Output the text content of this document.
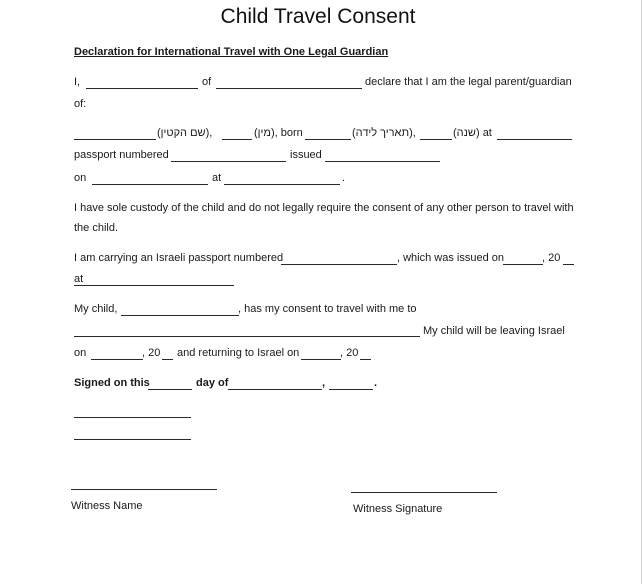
Child Travel Consent
Declaration for International Travel with One Legal Guardian
I,	of	declare that I am the legal parent/guardian
of:
(שם הקטין),	(מין), born	(תאריך לידה),	(שנה) at
passport numbered	issued
on	at	.
I have sole custody of the child and do not legally require the consent of any other person to travel with
the child.
I am carrying an Israeli passport numbered	, which was issued on	, 20
at
My child,	, has my consent to travel with me to
My child will be leaving Israel
on	, 20 and returning to Israel on	, 20
Signed on this	day of	,	.
Witness Name	Witness Signature
